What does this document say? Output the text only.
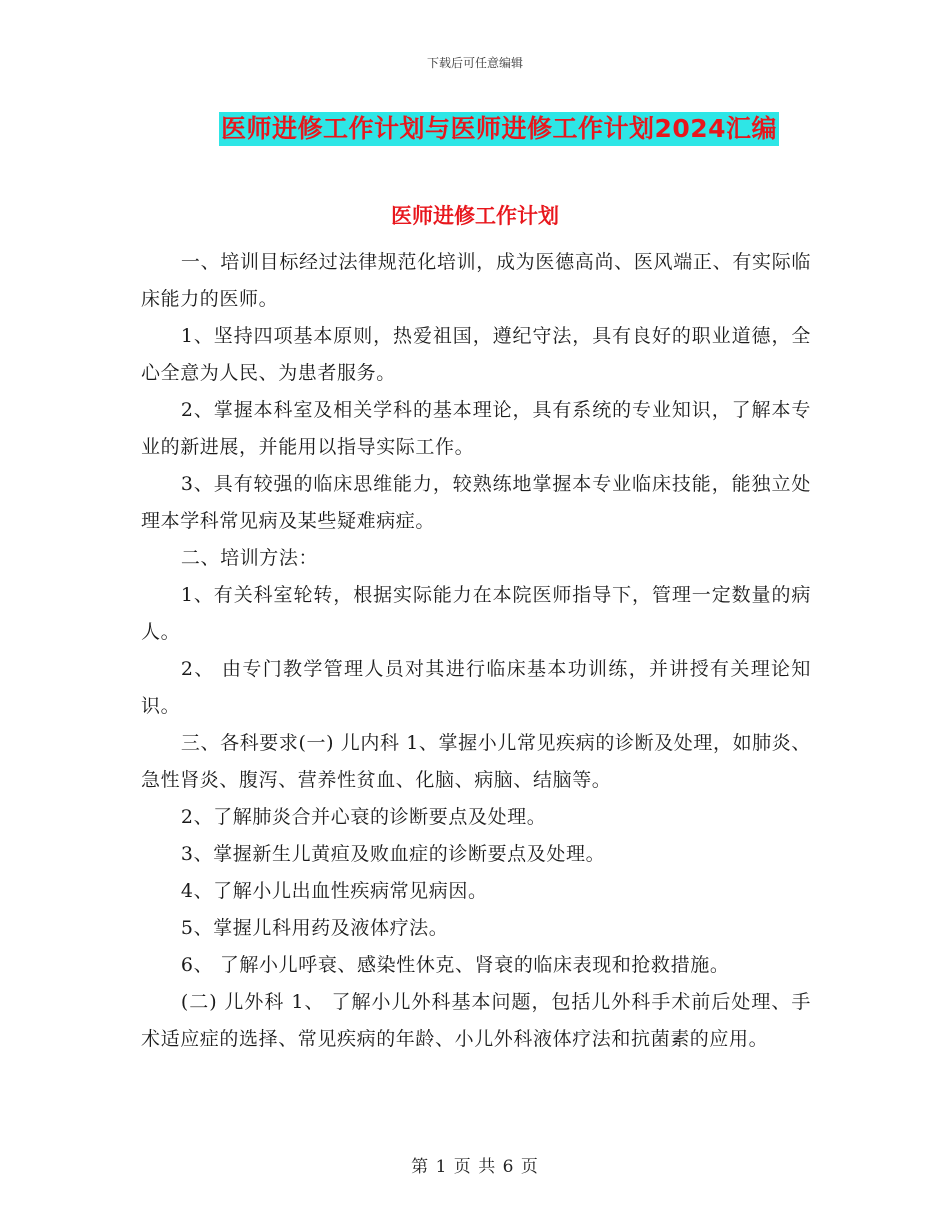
下载后可任意编辑
医师进修工作计划与医师进修工作计划2024汇编
医师进修工作计划

一、培训目标经过法律规范化培训，成为医德高尚、医风端正、有实际临床能力的医师。

1、坚持四项基本原则，热爱祖国，遵纪守法，具有良好的职业道德，全心全意为人民、为患者服务。

2、掌握本科室及相关学科的基本理论，具有系统的专业知识，了解本专业的新进展，并能用以指导实际工作。

3、具有较强的临床思维能力，较熟练地掌握本专业临床技能，能独立处理本学科常见病及某些疑难病症。

二、培训方法：

1、有关科室轮转，根据实际能力在本院医师指导下，管理一定数量的病人。

2、 由专门教学管理人员对其进行临床基本功训练，并讲授有关理论知识。

三、各科要求(一) 儿内科 1、掌握小儿常见疾病的诊断及处理，如肺炎、急性肾炎、腹泻、营养性贫血、化脑、病脑、结脑等。

2、了解肺炎合并心衰的诊断要点及处理。

3、掌握新生儿黄疸及败血症的诊断要点及处理。

4、了解小儿出血性疾病常见病因。

5、掌握儿科用药及液体疗法。

6、 了解小儿呼衰、感染性休克、肾衰的临床表现和抢救措施。

(二) 儿外科 1、 了解小儿外科基本问题，包括儿外科手术前后处理、手术适应症的选择、常见疾病的年龄、小儿外科液体疗法和抗菌素的应用。

第 1 页 共 6 页
